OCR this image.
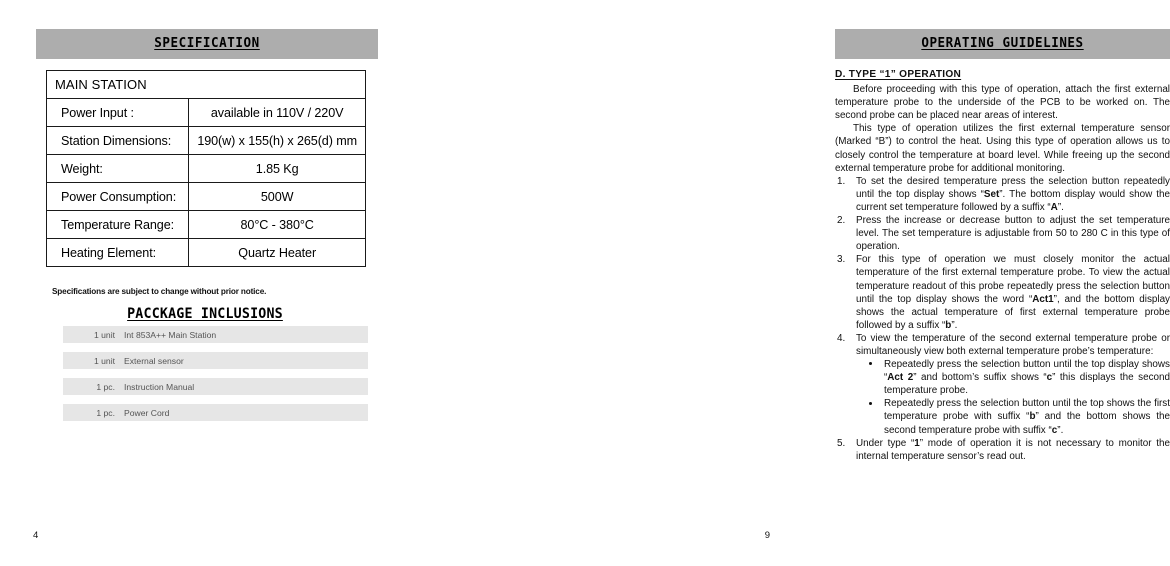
SPECIFICATION
MAIN STATION	
Power Input :	available in 110V / 220V
Station Dimensions:	190(w) x 155(h) x 265(d) mm
Weight:	1.85 Kg
Power Consumption:	500W
Temperature Range:	80°C - 380°C
Heating Element:	Quartz Heater
Specifications are subject to change without prior notice.
PACCKAGE INCLUSIONS
1 unit	Int 853A++ Main Station
1 unit	External sensor
1 pc.	Instruction Manual
1 pc.	Power Cord
4
OPERATING GUIDELINES
D. TYPE “1” OPERATION

Before proceeding with this type of operation, attach the first external temperature probe to the underside of the PCB to be worked on. The second probe can be placed near areas of interest.

This type of operation utilizes the first external temperature sensor (Marked “B”) to control the heat. Using this type of operation allows us to closely control the temperature at board level. While freeing up the second external temperature probe for additional monitoring.

1.	To set the desired temperature press the selection button repeatedly until the top display shows “Set”. The bottom display would show the current set temperature followed by a suffix “A”.
2.	Press the increase or decrease button to adjust the set temperature level. The set temperature is adjustable from 50 to 280 C in this type of operation.
3.	For this type of operation we must closely monitor the actual temperature of the first external temperature probe. To view the actual temperature readout of this probe repeatedly press the selection button until the top display shows the word “Act1”, and the bottom display shows the actual temperature of first external temperature probe followed by a suffix “b”.
4.	To view the temperature of the second external temperature probe or simultaneously view both external temperature probe’s temperature:
Repeatedly press the selection button until the top display shows “Act 2” and bottom’s suffix shows “c” this displays the second temperature probe.
Repeatedly press the selection button until the top shows the first temperature probe with suffix “b” and the bottom shows the second temperature probe with suffix “c”.
5.	Under type “1” mode of operation it is not necessary to monitor the internal temperature sensor’s read out.
9
